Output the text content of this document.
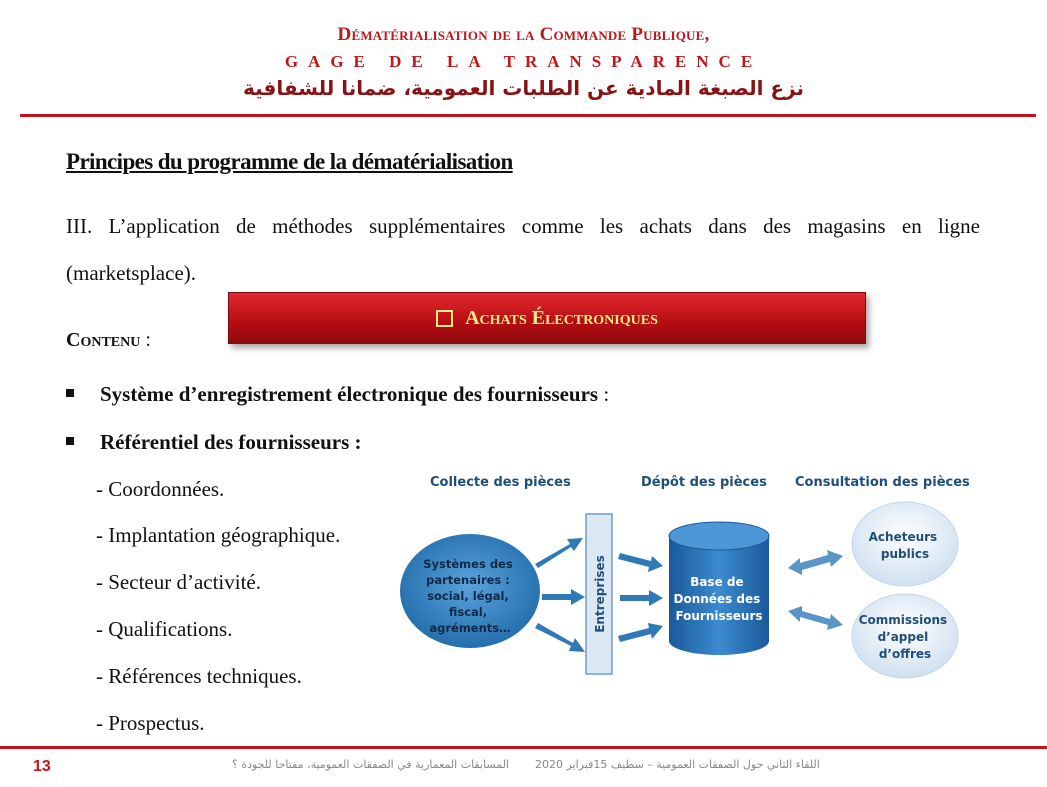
Dématérialisation de la Commande Publique,
GAGE DE LA TRANSPARENCE
نزع الصبغة المادية عن الطلبات العمومية، ضمانا للشفافية
Principes du programme de la dématérialisation
III. L’application de méthodes supplémentaires comme les achats dans des magasins en ligne (marketsplace).
Contenu :
Achats Électroniques
Système d’enregistrement électronique des fournisseurs :
Référentiel des fournisseurs :
- Coordonnées.
- Implantation géographique.
- Secteur d’activité.
- Qualifications.
- Références techniques.
- Prospectus.
Collecte des pièces	Dépôt des pièces Consultation des pièces
Systèmes des partenaires : social, légal, fiscal, agréments…	Entreprises	Base de Données des Fournisseurs
Acheteurs publics
Commissions d’appel d’offres
13	المسابقات المعمارية في الصفقات العمومية، مفتاحا للجودة ؟ اللقاء الثاني حول الصفقات العمومية – سطيف 15فبراير 2020
